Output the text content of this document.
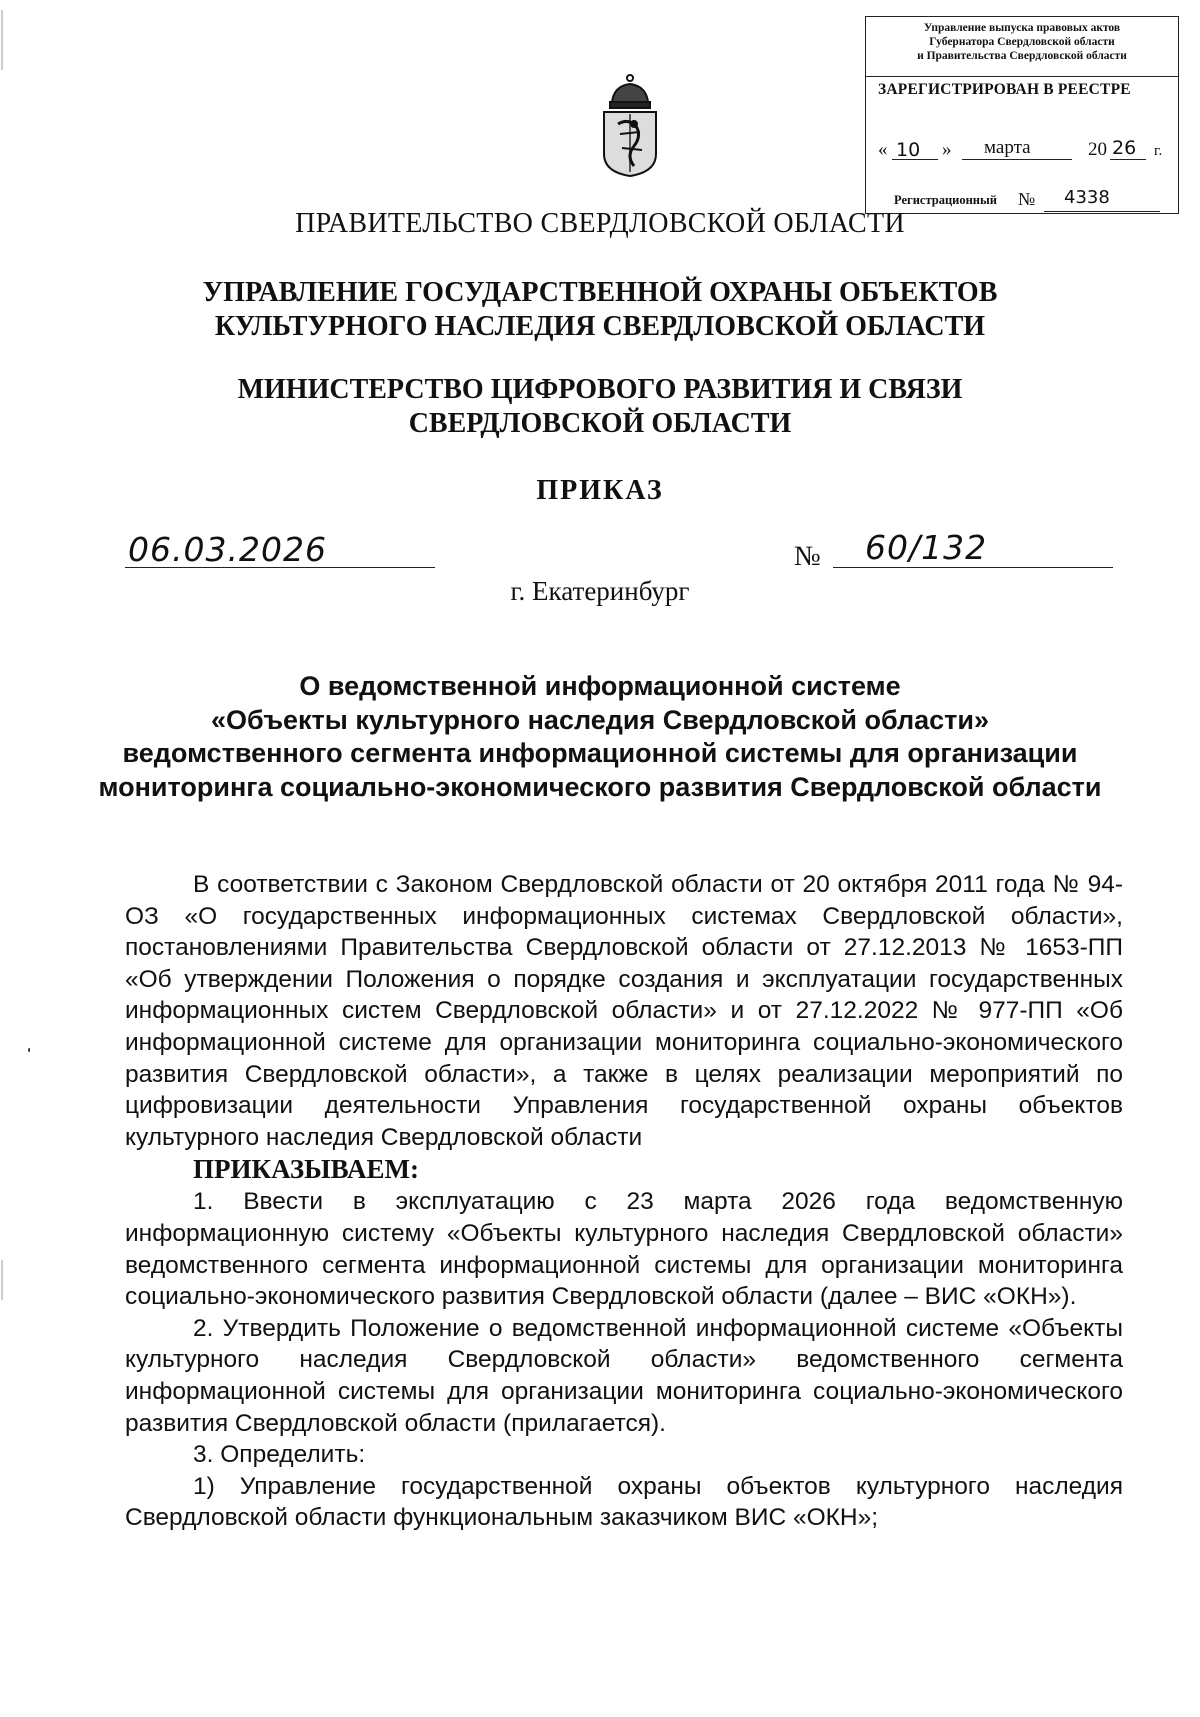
Управление выпуска правовых актов
Губернатора Свердловской области
и Правительства Свердловской области
ЗАРЕГИСТРИРОВАН В РЕЕСТРЕ
« 10 » марта	20 26 г.
Регистрационный № 4338
ПРАВИТЕЛЬСТВО СВЕРДЛОВСКОЙ ОБЛАСТИ
УПРАВЛЕНИЕ ГОСУДАРСТВЕННОЙ ОХРАНЫ ОБЪЕКТОВ
КУЛЬТУРНОГО НАСЛЕДИЯ СВЕРДЛОВСКОЙ ОБЛАСТИ
МИНИСТЕРСТВО ЦИФРОВОГО РАЗВИТИЯ И СВЯЗИ
СВЕРДЛОВСКОЙ ОБЛАСТИ
ПРИКАЗ
06.03.2026	№ 60/132
г. Екатеринбург
О ведомственной информационной системе
«Объекты культурного наследия Свердловской области»
ведомственного сегмента информационной системы для организации
мониторинга социально-экономического развития Свердловской области

В соответствии с Законом Свердловской области от 20 октября 2011 года № 94-ОЗ «О государственных информационных системах Свердловской области», постановлениями Правительства Свердловской области от 27.12.2013 № 1653-ПП «Об утверждении Положения о порядке создания и эксплуатации государственных информационных систем Свердловской области» и от 27.12.2022 № 977-ПП «Об информационной системе для организации мониторинга социально-экономического развития Свердловской области», а также в целях реализации мероприятий по цифровизации деятельности Управления государственной охраны объектов культурного наследия Свердловской области

ПРИКАЗЫВАЕМ:

1. Ввести в эксплуатацию с 23 марта 2026 года ведомственную информационную систему «Объекты культурного наследия Свердловской области» ведомственного сегмента информационной системы для организации мониторинга социально-экономического развития Свердловской области (далее – ВИС «ОКН»).

2. Утвердить Положение о ведомственной информационной системе «Объекты культурного наследия Свердловской области» ведомственного сегмента информационной системы для организации мониторинга социально-экономического развития Свердловской области (прилагается).

3. Определить:

1) Управление государственной охраны объектов культурного наследия Свердловской области функциональным заказчиком ВИС «ОКН»;
